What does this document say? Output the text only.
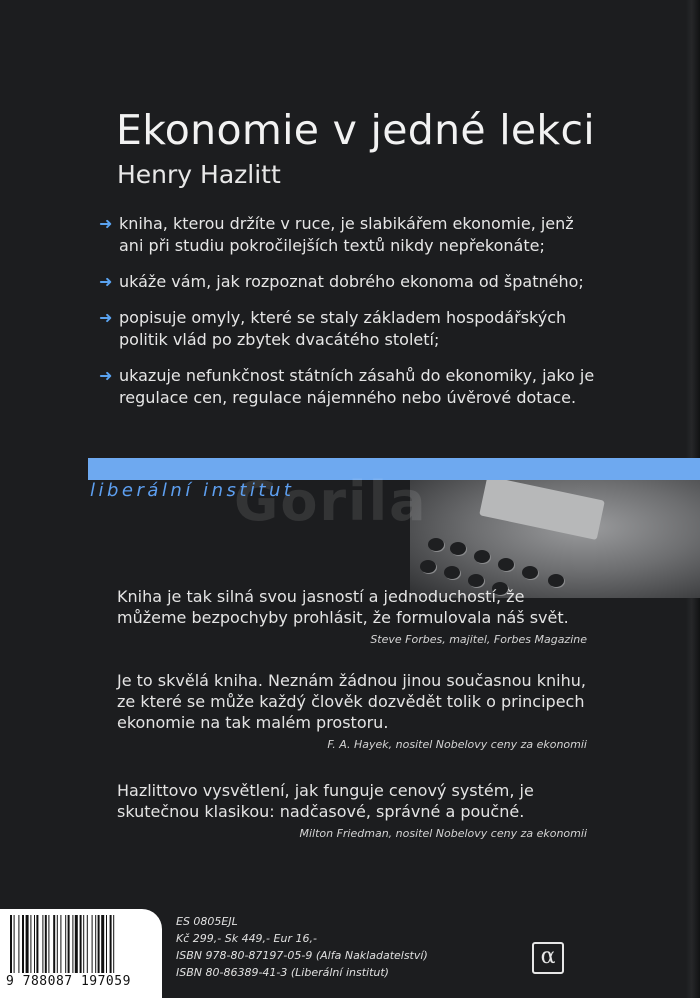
Ekonomie v jedné lekci
Henry Hazlitt
➜ kniha, kterou držíte v ruce, je slabikářem ekonomie, jenž ani při studiu pokročilejších textů nikdy nepřekonáte;
➜ ukáže vám, jak rozpoznat dobrého ekonoma od špatného;
➜ popisuje omyly, které se staly základem hospodářských politik vlád po zbytek dvacátého století;
➜ ukazuje nefunkčnost státních zásahů do ekonomiky, jako je regulace cen, regulace nájemného nebo úvěrové dotace.
Gorila
liberální institut
Kniha je tak silná svou jasností a jednoduchostí, že můžeme bezpochyby prohlásit, že formulovala náš svět.
Steve Forbes, majitel, Forbes Magazine
Je to skvělá kniha. Neznám žádnou jinou současnou knihu, ze které se může každý člověk dozvědět tolik o principech ekonomie na tak malém prostoru.
F. A. Hayek, nositel Nobelovy ceny za ekonomii
Hazlittovo vysvětlení, jak funguje cenový systém, je skutečnou klasikou: nadčasové, správné a poučné.
Milton Friedman, nositel Nobelovy ceny za ekonomii
9 788087 197059
ES 0805EJL
Kč 299,- Sk 449,- Eur 16,-
ISBN 978-80-87197-05-9 (Alfa Nakladatelství)
ISBN 80-86389-41-3 (Liberální institut)
α
